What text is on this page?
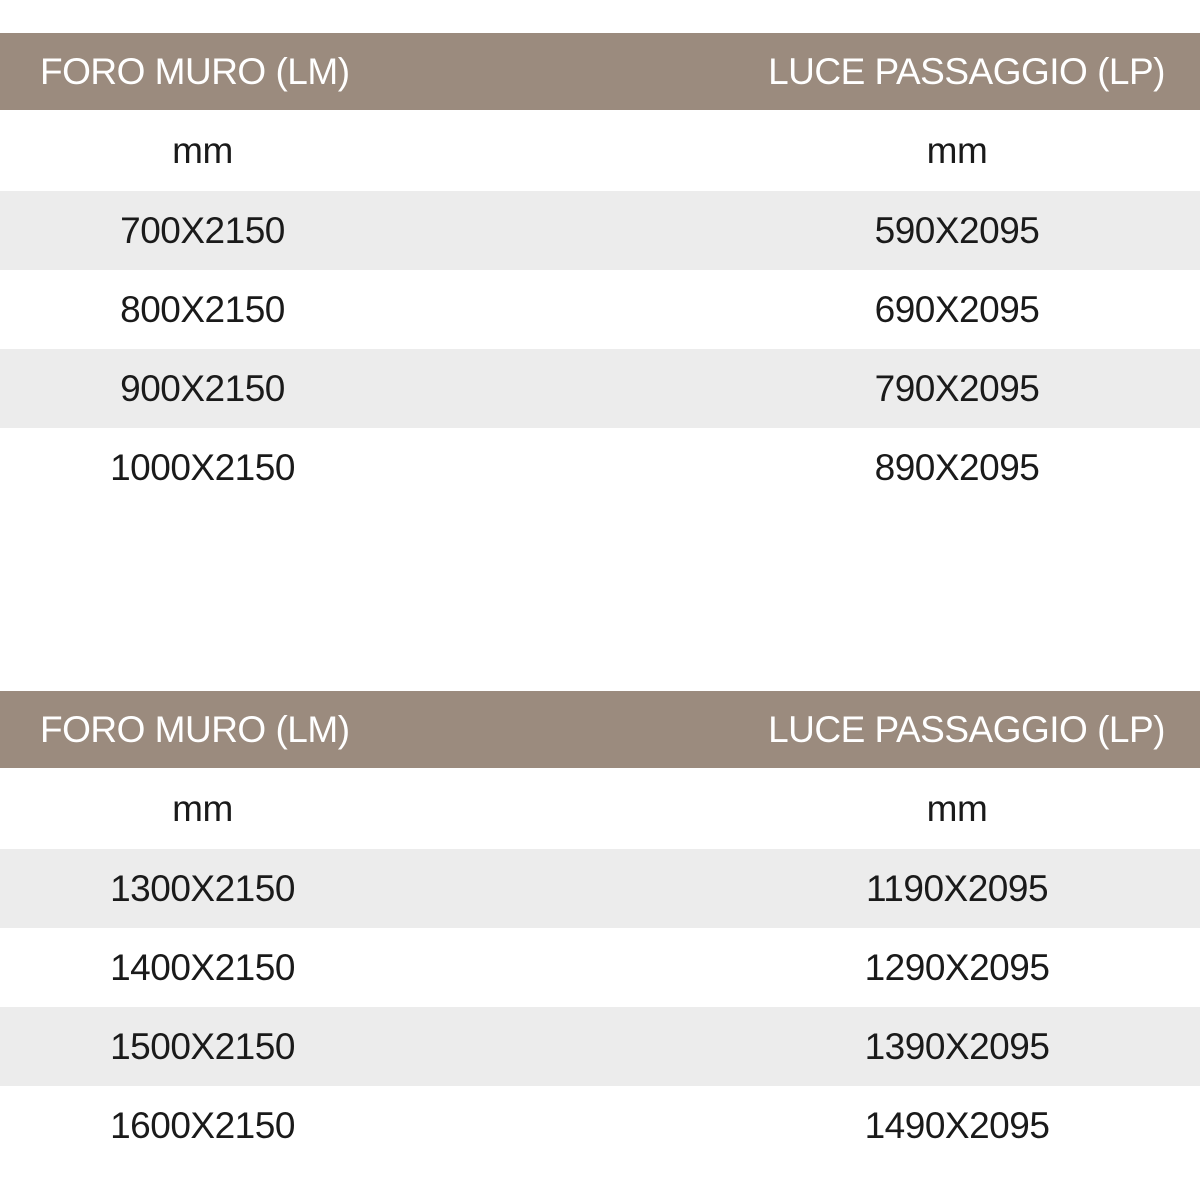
FORO MURO (LM)	LUCE PASSAGGIO (LP)
mm	mm
700X2150	590X2095
800X2150	690X2095
900X2150	790X2095
1000X2150	890X2095
FORO MURO (LM)	LUCE PASSAGGIO (LP)
mm	mm
1300X2150	1190X2095
1400X2150	1290X2095
1500X2150	1390X2095
1600X2150	1490X2095
